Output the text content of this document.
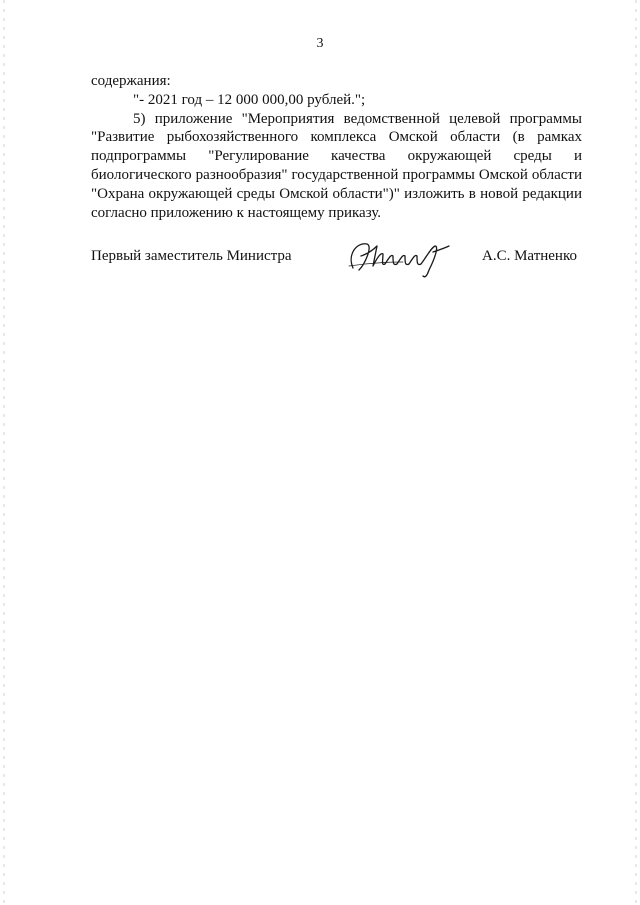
3

содержания:

"- 2021 год – 12 000 000,00 рублей.";

5) приложение "Мероприятия ведомственной целевой программы "Развитие рыбохозяйственного комплекса Омской области (в рамках подпрограммы "Регулирование качества окружающей среды и биологического разнообразия" государственной программы Омской области "Охрана окружающей среды Омской области")" изложить в новой редакции согласно приложению к настоящему приказу.

Первый заместитель Министра	А.С. Матненко
